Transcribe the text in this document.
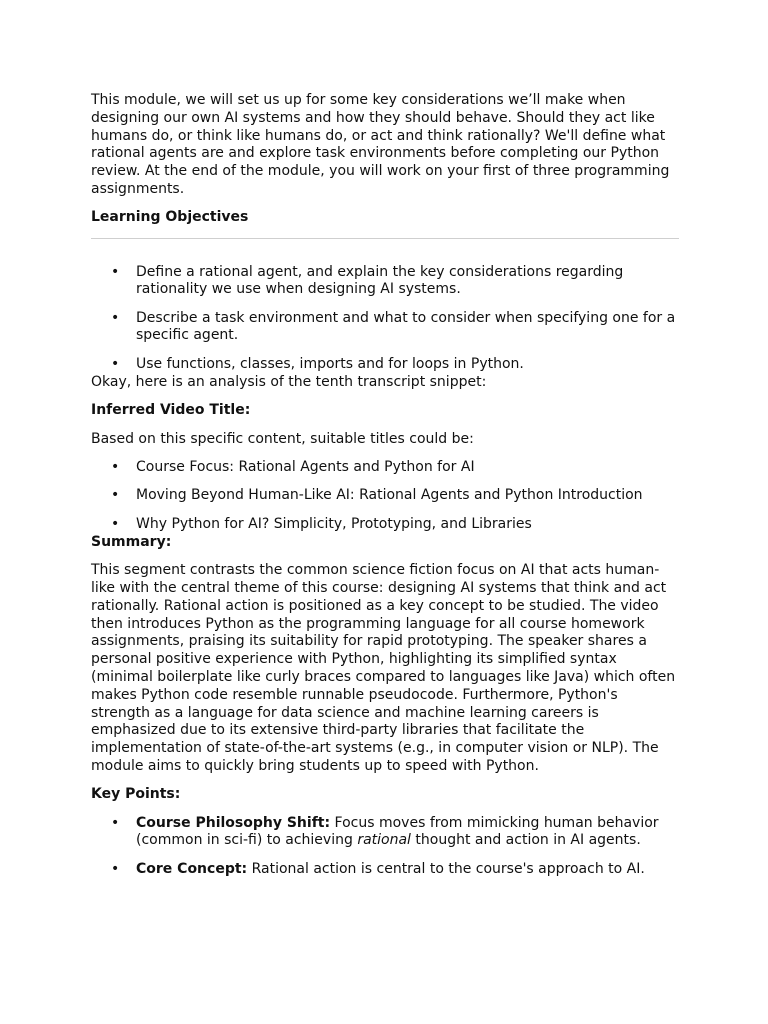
This module, we will set us up for some key considerations we’ll make when designing our own AI systems and how they should behave. Should they act like humans do, or think like humans do, or act and think rationally? We'll define what rational agents are and explore task environments before completing our Python review. At the end of the module, you will work on your first of three programming assignments.

Learning Objectives
• Define a rational agent, and explain the key considerations regarding rationality we use when designing AI systems.
• Describe a task environment and what to consider when specifying one for a specific agent.
• Use functions, classes, imports and for loops in Python.

Okay, here is an analysis of the tenth transcript snippet:

Inferred Video Title:

Based on this specific content, suitable titles could be:

• Course Focus: Rational Agents and Python for AI
• Moving Beyond Human-Like AI: Rational Agents and Python Introduction
• Why Python for AI? Simplicity, Prototyping, and Libraries
Summary:

This segment contrasts the common science fiction focus on AI that acts human-like with the central theme of this course: designing AI systems that think and act rationally. Rational action is positioned as a key concept to be studied. The video then introduces Python as the programming language for all course homework assignments, praising its suitability for rapid prototyping. The speaker shares a personal positive experience with Python, highlighting its simplified syntax (minimal boilerplate like curly braces compared to languages like Java) which often makes Python code resemble runnable pseudocode. Furthermore, Python's strength as a language for data science and machine learning careers is emphasized due to its extensive third-party libraries that facilitate the implementation of state-of-the-art systems (e.g., in computer vision or NLP). The module aims to quickly bring students up to speed with Python.

Key Points:
• Course Philosophy Shift: Focus moves from mimicking human behavior (common in sci-fi) to achieving rational thought and action in AI agents.
• Core Concept: Rational action is central to the course's approach to AI.
